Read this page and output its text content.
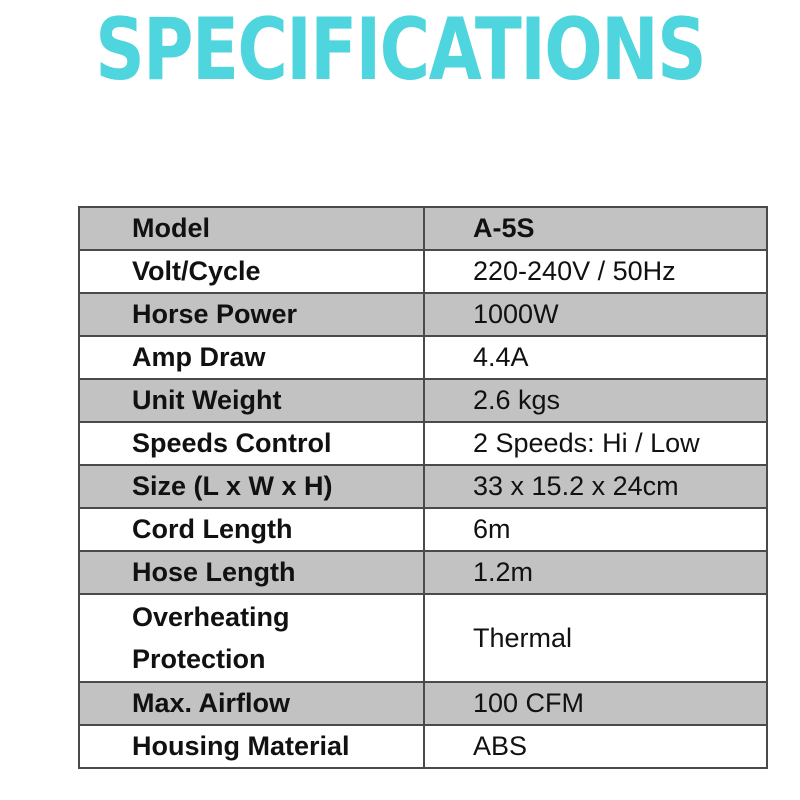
SPECIFICATIONS
Model	A-5S
Volt/Cycle	220-240V / 50Hz
Horse Power	1000W
Amp Draw	4.4A
Unit Weight	2.6 kgs
Speeds Control	2 Speeds: Hi / Low
Size (L x W x H)	33 x 15.2 x 24cm
Cord Length	6m
Hose Length	1.2m
Overheating Protection	Thermal
Max. Airflow	100 CFM
Housing Material	ABS
